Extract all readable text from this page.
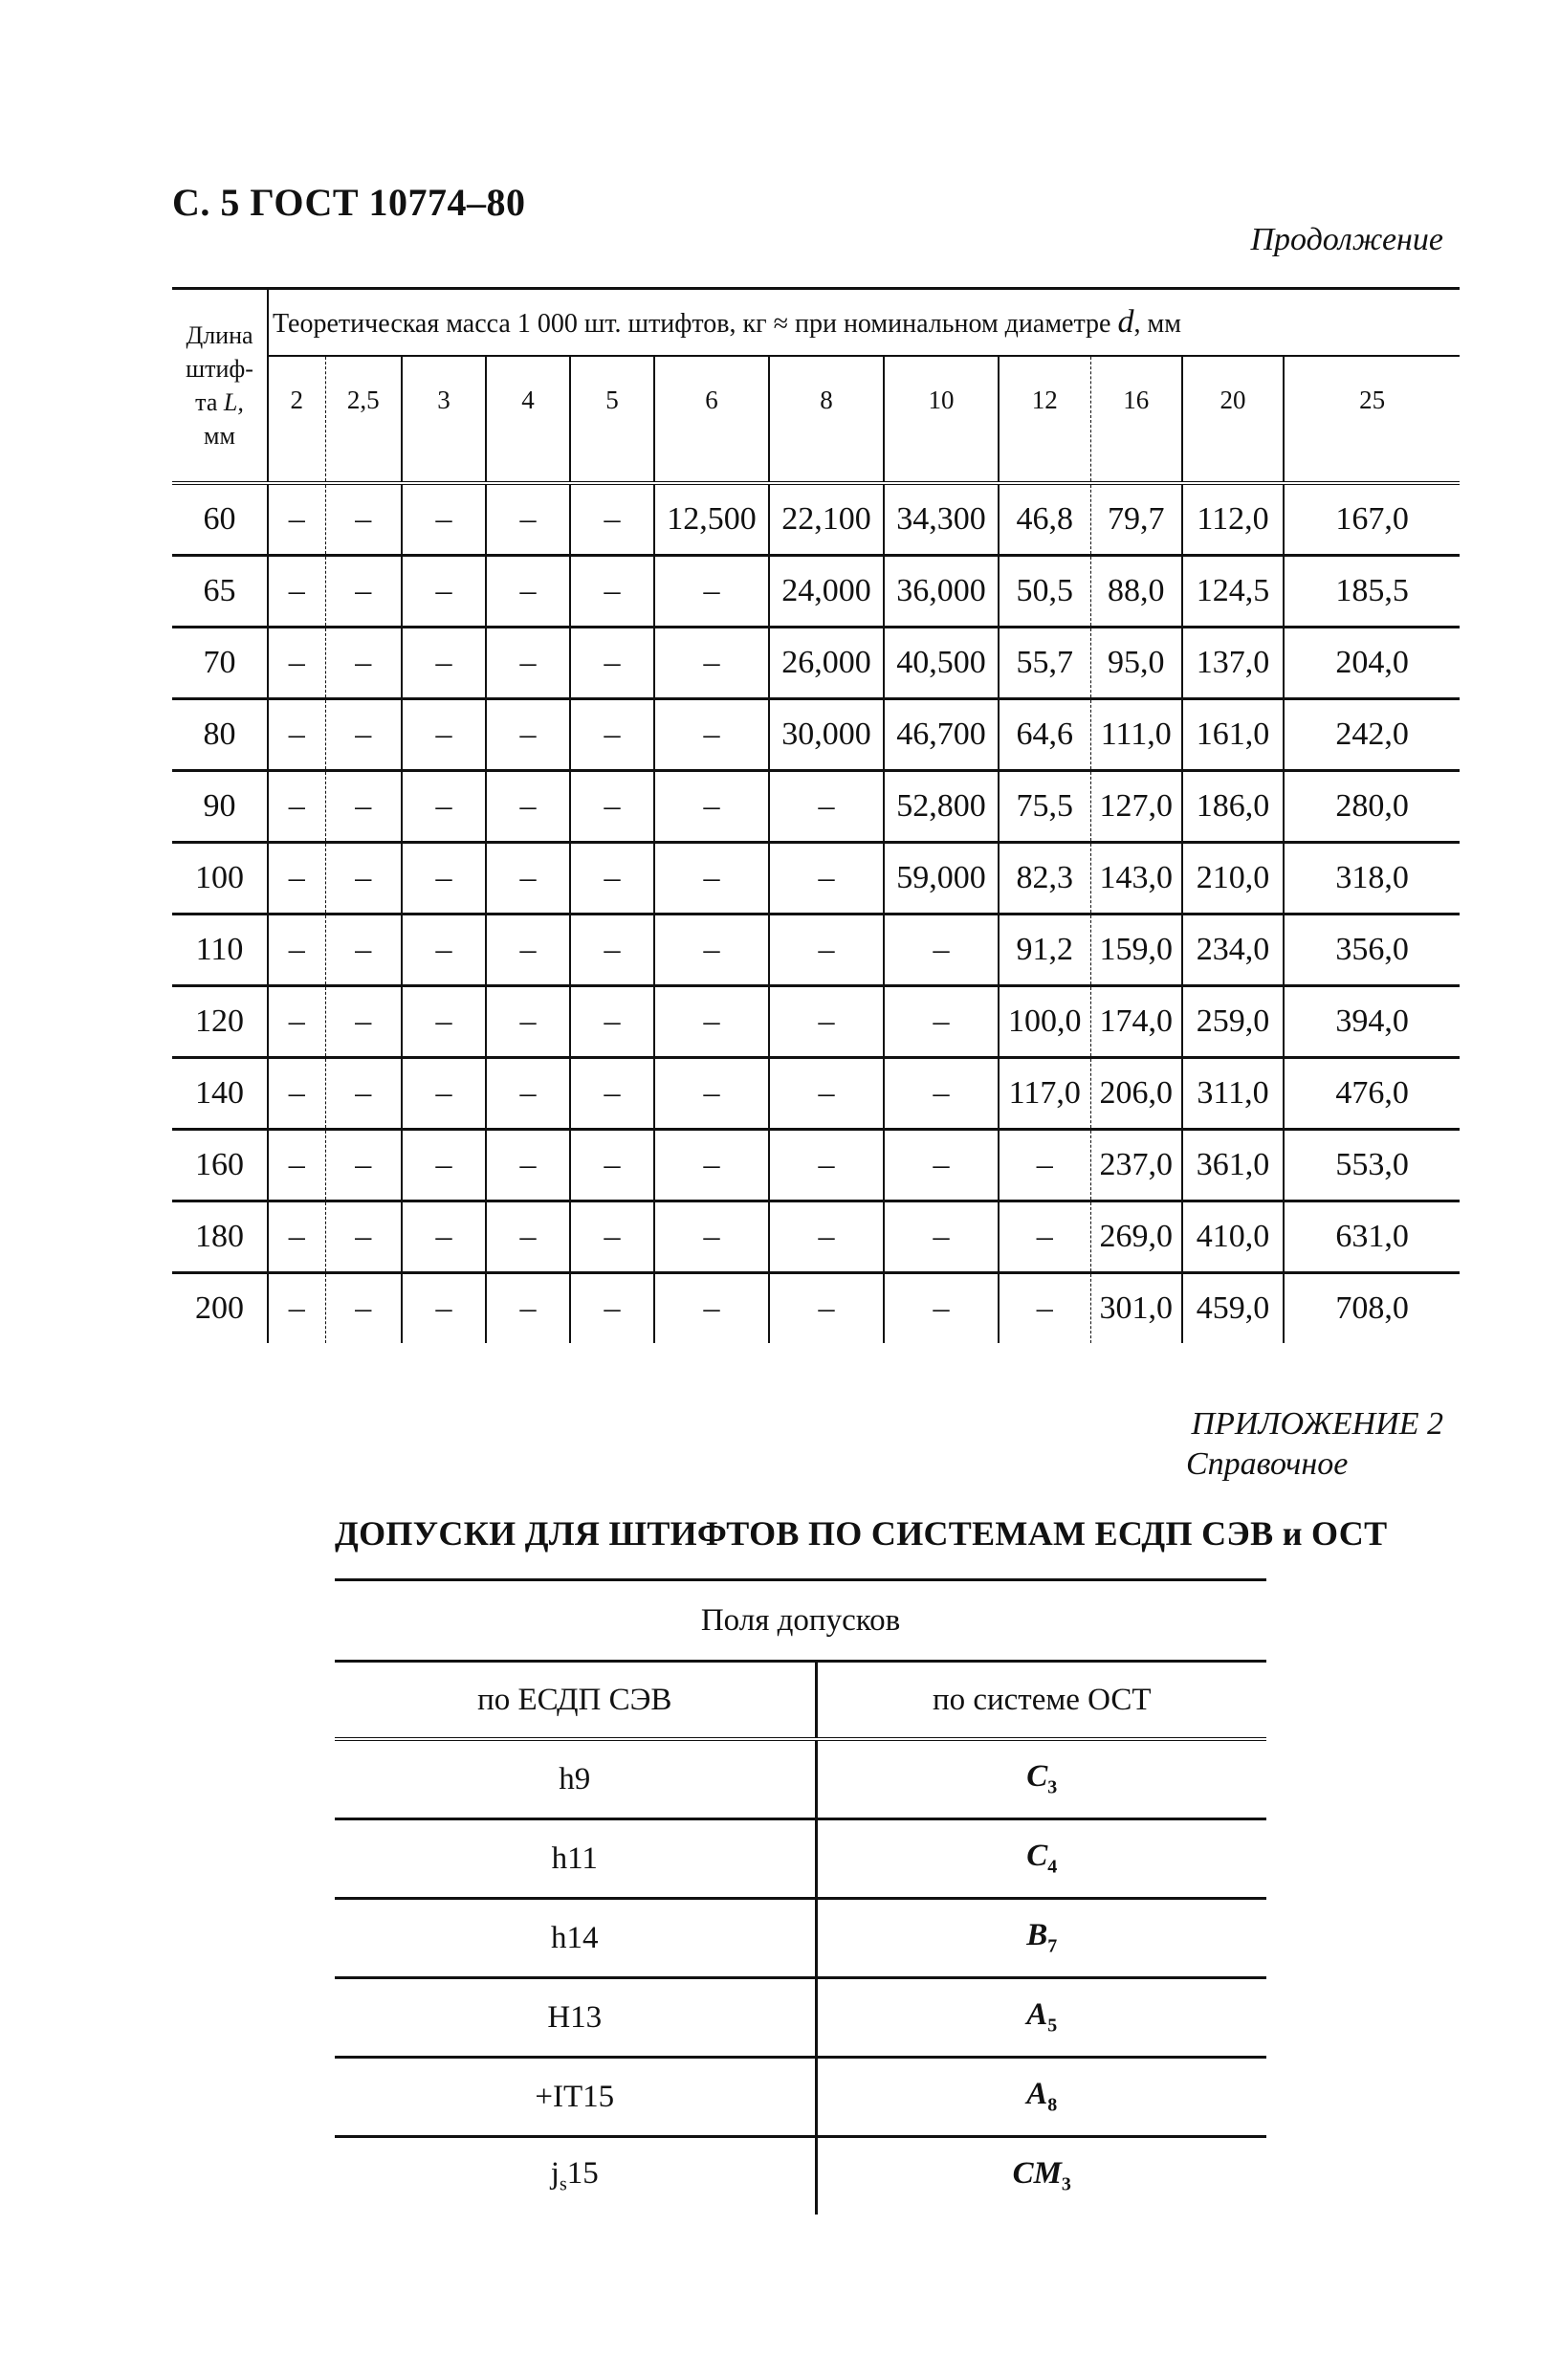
С. 5 ГОСТ 10774–80
Продолжение
Длина
штиф-
та L,
мм	Теоретическая масса 1 000 шт. штифтов, кг ≈ при номинальном диаметре d, мм											
	2	2,5	3	4	5	6	8	10	12	16	20	25
60	–	–	–	–	–	12,500	22,100	34,300	46,8	79,7	112,0	167,0
65	–	–	–	–	–	–	24,000	36,000	50,5	88,0	124,5	185,5
70	–	–	–	–	–	–	26,000	40,500	55,7	95,0	137,0	204,0
80	–	–	–	–	–	–	30,000	46,700	64,6	111,0	161,0	242,0
90	–	–	–	–	–	–	–	52,800	75,5	127,0	186,0	280,0
100	–	–	–	–	–	–	–	59,000	82,3	143,0	210,0	318,0
110	–	–	–	–	–	–	–	–	91,2	159,0	234,0	356,0
120	–	–	–	–	–	–	–	–	100,0	174,0	259,0	394,0
140	–	–	–	–	–	–	–	–	117,0	206,0	311,0	476,0
160	–	–	–	–	–	–	–	–	–	237,0	361,0	553,0
180	–	–	–	–	–	–	–	–	–	269,0	410,0	631,0
200	–	–	–	–	–	–	–	–	–	301,0	459,0	708,0
ПРИЛОЖЕНИЕ 2
Справочное
ДОПУСКИ ДЛЯ ШТИФТОВ ПО СИСТЕМАМ ЕСДП СЭВ и ОСТ
Поля допусков	
по ЕСДП СЭВ	по системе ОСТ
h9	$C_3$
h11	$C_4$
h14	$B_7$
H13	$A_5$
+IT15	$A_8$
$j_s15$	$CM_3$
